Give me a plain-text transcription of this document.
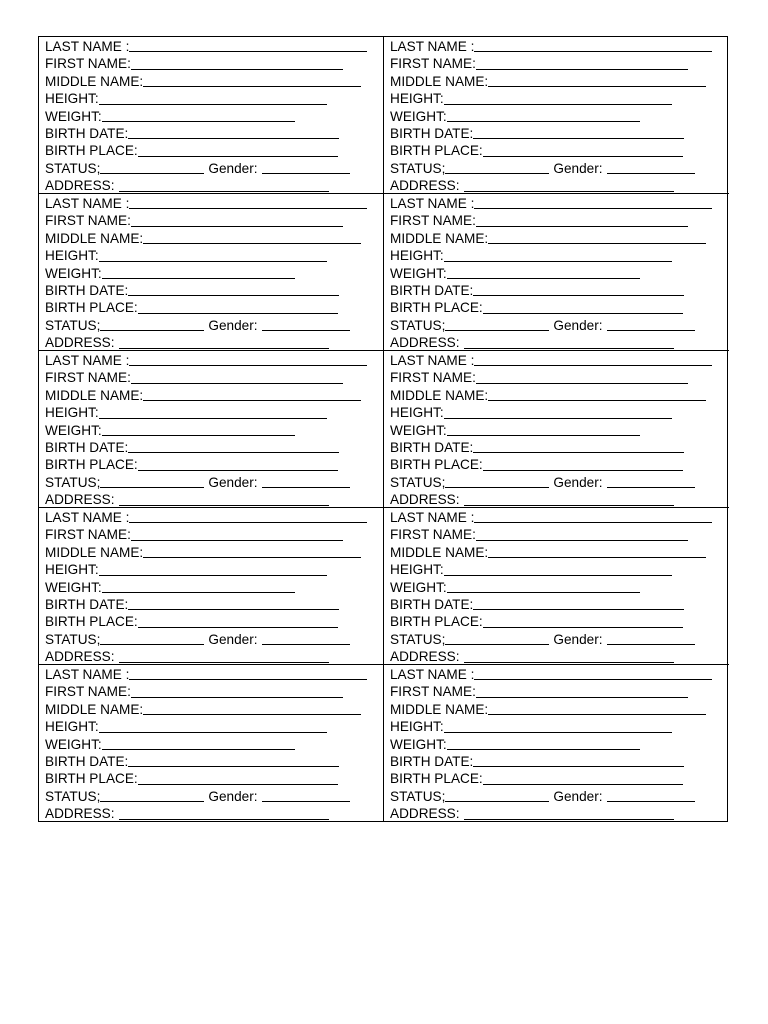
LAST NAME :
FIRST NAME:
MIDDLE NAME:
HEIGHT:
WEIGHT:
BIRTH DATE:
BIRTH PLACE:
STATUS;	Gender:
ADDRESS:
LAST NAME :
FIRST NAME:
MIDDLE NAME:
HEIGHT:
WEIGHT:
BIRTH DATE:
BIRTH PLACE:
STATUS;	Gender:
ADDRESS:
LAST NAME :
FIRST NAME:
MIDDLE NAME:
HEIGHT:
WEIGHT:
BIRTH DATE:
BIRTH PLACE:
STATUS;	Gender:
ADDRESS:
LAST NAME :
FIRST NAME:
MIDDLE NAME:
HEIGHT:
WEIGHT:
BIRTH DATE:
BIRTH PLACE:
STATUS;	Gender:
ADDRESS:
LAST NAME :
FIRST NAME:
MIDDLE NAME:
HEIGHT:
WEIGHT:
BIRTH DATE:
BIRTH PLACE:
STATUS;	Gender:
ADDRESS:
LAST NAME :
FIRST NAME:
MIDDLE NAME:
HEIGHT:
WEIGHT:
BIRTH DATE:
BIRTH PLACE:
STATUS;	Gender:
ADDRESS:
LAST NAME :
FIRST NAME:
MIDDLE NAME:
HEIGHT:
WEIGHT:
BIRTH DATE:
BIRTH PLACE:
STATUS;	Gender:
ADDRESS:
LAST NAME :
FIRST NAME:
MIDDLE NAME:
HEIGHT:
WEIGHT:
BIRTH DATE:
BIRTH PLACE:
STATUS;	Gender:
ADDRESS:
LAST NAME :
FIRST NAME:
MIDDLE NAME:
HEIGHT:
WEIGHT:
BIRTH DATE:
BIRTH PLACE:
STATUS;	Gender:
ADDRESS:
LAST NAME :
FIRST NAME:
MIDDLE NAME:
HEIGHT:
WEIGHT:
BIRTH DATE:
BIRTH PLACE:
STATUS;	Gender:
ADDRESS:
